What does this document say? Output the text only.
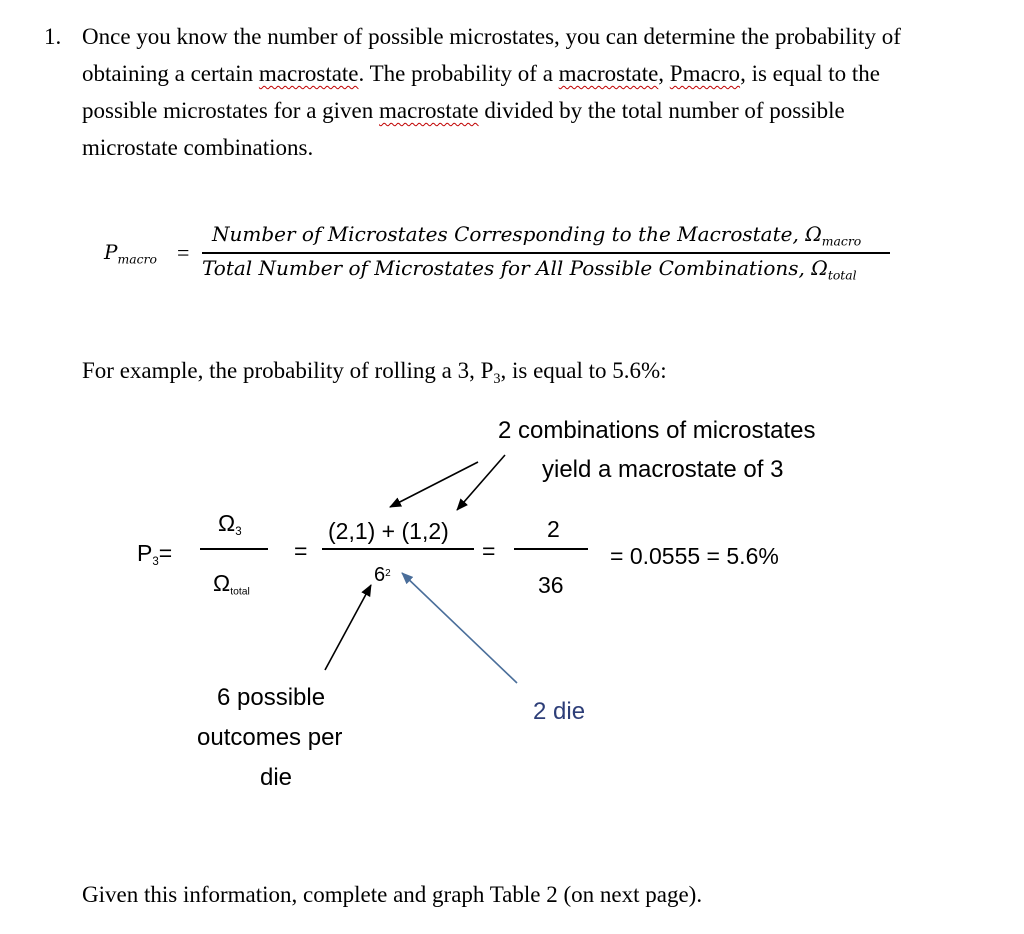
1. Once you know the number of possible microstates, you can determine the probability of
obtaining a certain macrostate. The probability of a macrostate, Pmacro, is equal to the
possible microstates for a given macrostate divided by the total number of possible
microstate combinations.
$P_{macro}$ =
Number of Microstates Corresponding to the Macrostate, $\Omega_{macro}$
Total Number of Microstates for All Possible Combinations, $\Omega_{total}$
For example, the probability of rolling a 3, $P_3$, is equal to 5.6%:
2 combinations of microstates
yield a macrostate of 3
$P_3=$
$\Omega_3$
$\Omega_{total}$
=
(2,1) + (1,2)
$6^2$
=
2
36
= 0.0555 = 5.6%
6 possible
outcomes per
die
2 die
Given this information, complete and graph Table 2 (on next page).
